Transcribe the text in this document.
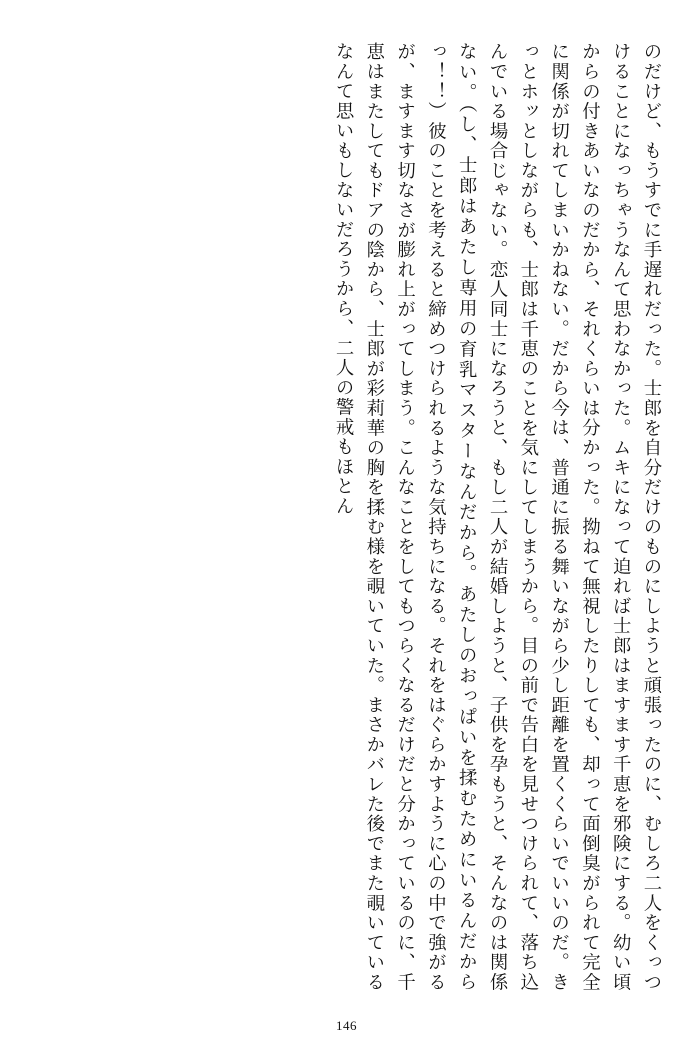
のだけど、もうすでに手遅れだった。士郎を自分だけのものにしようと頑張ったのに、むしろ二人をくっつけることになっちゃうなんて思わなかった。ムキになって迫れば士郎はますます千恵を邪険にする。幼い頃からの付きあいなのだから、それくらいは分かった。拗ねて無視したりしても、却って面倒臭がられて完全に関係が切れてしまいかねない。だから今は、普通に振る舞いながら少し距離を置くくらいでいいのだ。きっとホッとしながらも、士郎は千恵のことを気にしてしまうから。目の前で告白を見せつけられて、落ち込んでいる場合じゃない。恋人同士になろうと、もし二人が結婚しようと、子供を孕もうと、そんなのは関係ない。（し、士郎はあたし専用の育乳マスターなんだから。あたしのおっぱいを揉むためにいるんだからっ！！）彼のことを考えると締めつけられるような気持ちになる。それをはぐらかすように心の中で強がるが、ますます切なさが膨れ上がってしまう。こんなことをしてもつらくなるだけだと分かっているのに、千恵はまたしてもドアの陰から、士郎が彩莉華の胸を揉む様を覗いていた。まさかバレた後でまた覗いているなんて思いもしないだろうから、二人の警戒もほとん

146
